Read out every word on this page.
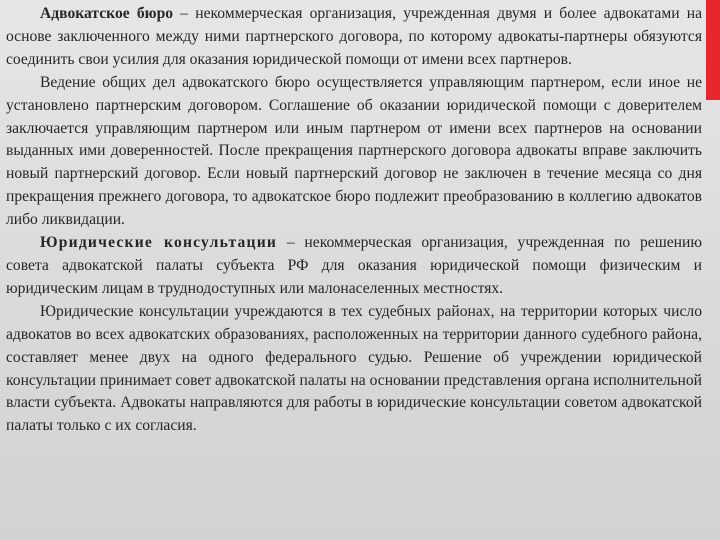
Адвокатское бюро – некоммерческая организация, учрежденная двумя и более адвокатами на основе заключенного между ними партнерского договора, по которому адвокаты-партнеры обязуются соединить свои усилия для оказания юридической помощи от имени всех партнеров.

Ведение общих дел адвокатского бюро осуществляется управляющим партнером, если иное не установлено партнерским договором. Соглашение об оказании юридической помощи с доверителем заключается управляющим партнером или иным партнером от имени всех партнеров на основании выданных ими доверенностей. После прекращения партнерского договора адвокаты вправе заключить новый партнерский договор. Если новый партнерский договор не заключен в течение месяца со дня прекращения прежнего договора, то адвокатское бюро подлежит преобразованию в коллегию адвокатов либо ликвидации.

Юридические консультации – некоммерческая организация, учрежденная по решению совета адвокатской палаты субъекта РФ для оказания юридической помощи физическим и юридическим лицам в труднодоступных или малонаселенных местностях.

Юридические консультации учреждаются в тех судебных районах, на территории которых число адвокатов во всех адвокатских образованиях, расположенных на территории данного судебного района, составляет менее двух на одного федерального судью. Решение об учреждении юридической консультации принимает совет адвокатской палаты на основании представления органа исполнительной власти субъекта. Адвокаты направляются для работы в юридические консультации советом адвокатской палаты только с их согласия.
